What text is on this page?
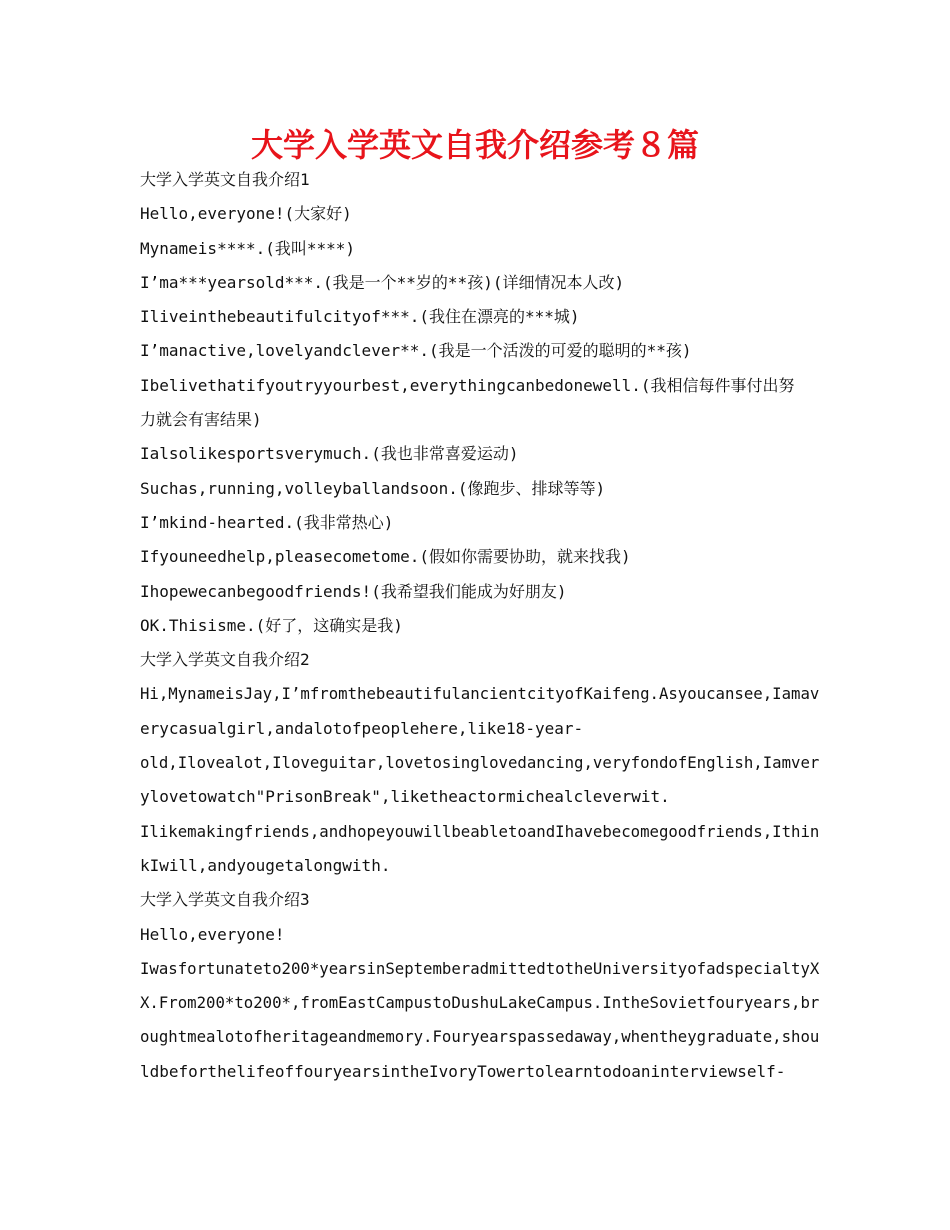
大学入学英文自我介绍参考８篇

大学入学英文自我介绍1

Hello,everyone!(大家好)

Mynameis****.(我叫****)

I’ma***yearsold***.(我是一个**岁的**孩)(详细情况本人改)

Iliveinthebeautifulcityof***.(我住在漂亮的***城)

I’manactive,lovelyandclever**.(我是一个活泼的可爱的聪明的**孩)

Ibelivethatifyoutryyourbest,everythingcanbedonewell.(我相信每件事付出努

力就会有害结果)

Ialsolikesportsverymuch.(我也非常喜爱运动)

Suchas,running,volleyballandsoon.(像跑步、排球等等)

I’mkind-hearted.(我非常热心)

Ifyouneedhelp,pleasecometome.(假如你需要协助，就来找我)

Ihopewecanbegoodfriends!(我希望我们能成为好朋友)

OK.Thisisme.(好了，这确实是我)

大学入学英文自我介绍2

Hi,MynameisJay,I’mfromthebeautifulancientcityofKaifeng.Asyoucansee,Iamav

erycasualgirl,andalotofpeoplehere,like18-year-

old,Ilovealot,Iloveguitar,lovetosinglovedancing,veryfondofEnglish,Iamver

ylovetowatch"PrisonBreak",liketheactormichealcleverwit.

Ilikemakingfriends,andhopeyouwillbeabletoandIhavebecomegoodfriends,Ithin

kIwill,andyougetalongwith.

大学入学英文自我介绍3

Hello,everyone!

Iwasfortunateto200*yearsinSeptemberadmittedtotheUniversityofadspecialtyX

X.From200*to200*,fromEastCampustoDushuLakeCampus.IntheSovietfouryears,br

oughtmealotofheritageandmemory.Fouryearspassedaway,whentheygraduate,shou

ldbeforthelifeoffouryearsintheIvoryTowertolearntodoaninterviewself-
